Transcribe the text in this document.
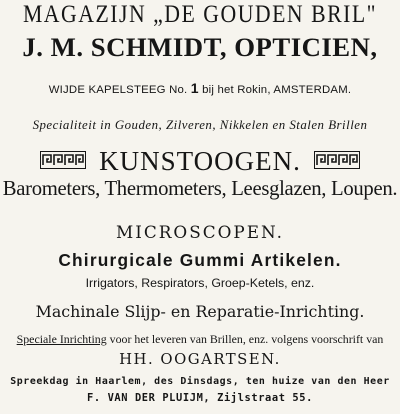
MAGAZIJN „DE GOUDEN BRIL"
J. M. SCHMIDT, OPTICIEN,
WIJDE KAPELSTEEG No. 1 bij het Rokin, AMSTERDAM.
Specialiteit in Gouden, Zilveren, Nikkelen en Stalen Brillen
KUNSTOOGEN.
Barometers, Thermometers, Leesglazen, Loupen.
MICROSCOPEN.
Chirurgicale Gummi Artikelen.
Irrigators, Respirators, Groep-Ketels, enz.
Machinale Slijp- en Reparatie-Inrichting.
Speciale Inrichting voor het leveren van Brillen, enz. volgens voorschrift van
HH. OOGARTSEN.
Spreekdag in Haarlem, des Dinsdags, ten huize van den Heer
F. VAN DER PLUIJM, Zijlstraat 55.
